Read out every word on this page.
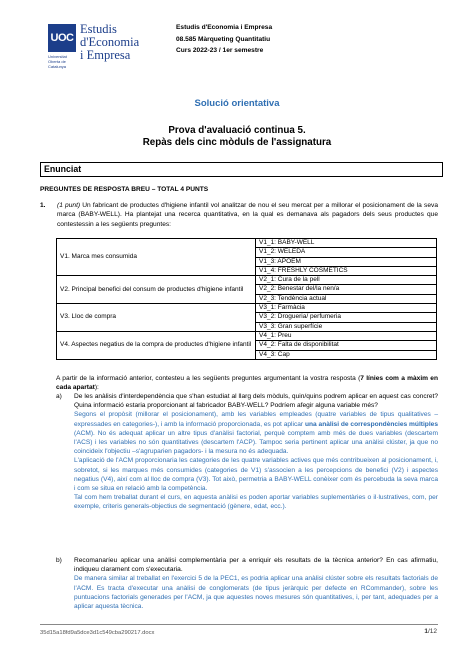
UOC
Estudis
d'Economia
i Empresa
Universitat Oberta de Catalunya
Estudis d'Economia i Empresa
08.585 Màrqueting Quantitatiu
Curs 2022-23 / 1er semestre
Solució orientativa
Prova d'avaluació continua 5.
Repàs dels cinc mòduls de l'assignatura
Enunciat
PREGUNTES DE RESPOSTA BREU – TOTAL 4 PUNTS
1. (1 punt) Un fabricant de productes d'higiene infantil vol analitzar de nou el seu mercat per a millorar el posicionament de la seva marca (BABY-WELL). Ha plantejat una recerca quantitativa, en la qual es demanava als pagadors dels seus productes que contestessin a les següents preguntes:
V1. Marca mes consumida	V1_1: BABY-WELL
	V1_2: WELEDA
	V1_3: APOEM
	V1_4: FRESHLY COSMETICS
V2. Principal benefici del consum de productes d'higiene infantil	V2_1: Cura de la pell
	V2_2: Benestar del/la nen/a
	V2_3: Tendència actual
V3. Lloc de compra	V3_1: Farmàcia
	V3_2: Drogueria/ perfumeria
	V3_3: Gran superfície
V4. Aspectes negatius de la compra de productes d'higiene infantil	V4_1: Preu
	V4_2: Falta de disponibilitat
	V4_3: Cap
A partir de la informació anterior, contesteu a les següents preguntes argumentant la vostra resposta (7 línies com a màxim en cada apartat):
a) De les anàlisis d'interdependència que s'han estudiat al llarg dels mòduls, quin/quins podrem aplicar en aquest cas concret? Quina informació estaria proporcionant al fabricador BABY-WELL? Podríem afegir alguna variable més?
Segons el propòsit (millorar el posicionament), amb les variables empleades (quatre variables de tipus qualitatives –expressades en categories-), i amb la informació proporcionada, es pot aplicar una anàlisi de correspondències múltiples (ACM). No és adequat aplicar un altre tipus d'anàlisi factorial, perquè comptem amb més de dues variables (descartem l'ACS) i les variables no són quantitatives (descartem l'ACP). Tampoc seria pertinent aplicar una anàlisi clúster, ja que no coincideix l'objectiu –s'agruparien pagadors- i la mesura no és adequada.
L'aplicació de l'ACM proporcionaria les categories de les quatre variables actives que més contribueixen al posicionament, i, sobretot, si les marques més consumides (categories de V1) s'associen a les percepcions de benefici (V2) i aspectes negatius (V4), així com al lloc de compra (V3). Tot això, permetria a BABY-WELL conèixer com és percebuda la seva marca i com se situa en relació amb la competència.
Tal com hem treballat durant el curs, en aquesta anàlisi es poden aportar variables suplementàries o il·lustratives, com, per exemple, criteris generals-objectius de segmentació (gènere, edat, ecc.).
b) Recomanaríeu aplicar una anàlisi complementària per a enriquir els resultats de la tècnica anterior? En cas afirmatiu, indiqueu clarament com s'executaria.
De manera similar al treballat en l'exercici 5 de la PEC1, es podria aplicar una anàlisi clúster sobre els resultats factorials de l'ACM. Es tracta d'executar una anàlisi de conglomerats (de tipus jeràrquic per defecte en RCommander), sobre les puntuacions factorials generades per l'ACM, ja que aquestes noves mesures són quantitatives, i, per tant, adequades per a aplicar aquesta tècnica.
35d15a18fd9a5dce3d1c549cba290217.docx	1/12
